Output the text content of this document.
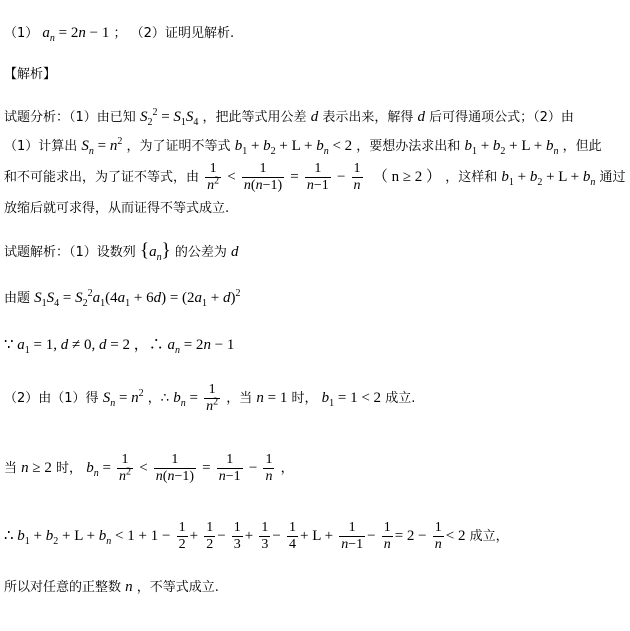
（1） $a_n = 2n - 1$ ； （2）证明见解析.
【解析】
试题分析：（1）由已知 $S_2^2 = S_1S_4$ ，把此等式用公差 d 表示出来，解得 d 后可得通项公式；（2）由
（1）计算出 $S_n = n^2$ ，为了证明不等式 $b_1 + b_2 + L + b_n < 2$ ，要想办法求出和 $b_1 + b_2 + L + b_n$ ，但此
和不可能求出，为了证不等式，由 $\frac{1}{n^2} < \frac{1}{n(n-1)} = \frac{1}{n-1} - \frac{1}{n}$ （ n ≥ 2 ） ，这样和 $b_1 + b_2 + L + b_n$ 通过
放缩后就可求得，从而证得不等式成立.
试题解析：（1）设数列 $\{a_n\}$ 的公差为 d
由题 $S_1S_4 = S_2^2a_1(4a_1 + 6d) = (2a_1 + d)^2$
∵ $a_1 = 1$, d ≠ 0, d = 2 ，∴ $a_n = 2n - 1$
（2）由（1）得 $S_n = n^2$ ，∴ $b_n = \frac{1}{n^2}$ ，当 n = 1 时， $b_1 = 1 < 2$ 成立.
当 n ≥ 2 时， $b_n = \frac{1}{n^2} < \frac{1}{n(n-1)} = \frac{1}{n-1} - \frac{1}{n}$ ，
∴ $b_1 + b_2 + L + b_n < 1 + 1 - \frac{1}{2} + \frac{1}{2} - \frac{1}{3} + \frac{1}{3} - \frac{1}{4} + L + \frac{1}{n-1} - \frac{1}{n} = 2 - \frac{1}{n} < 2$ 成立，
所以对任意的正整数 n ，不等式成立.
